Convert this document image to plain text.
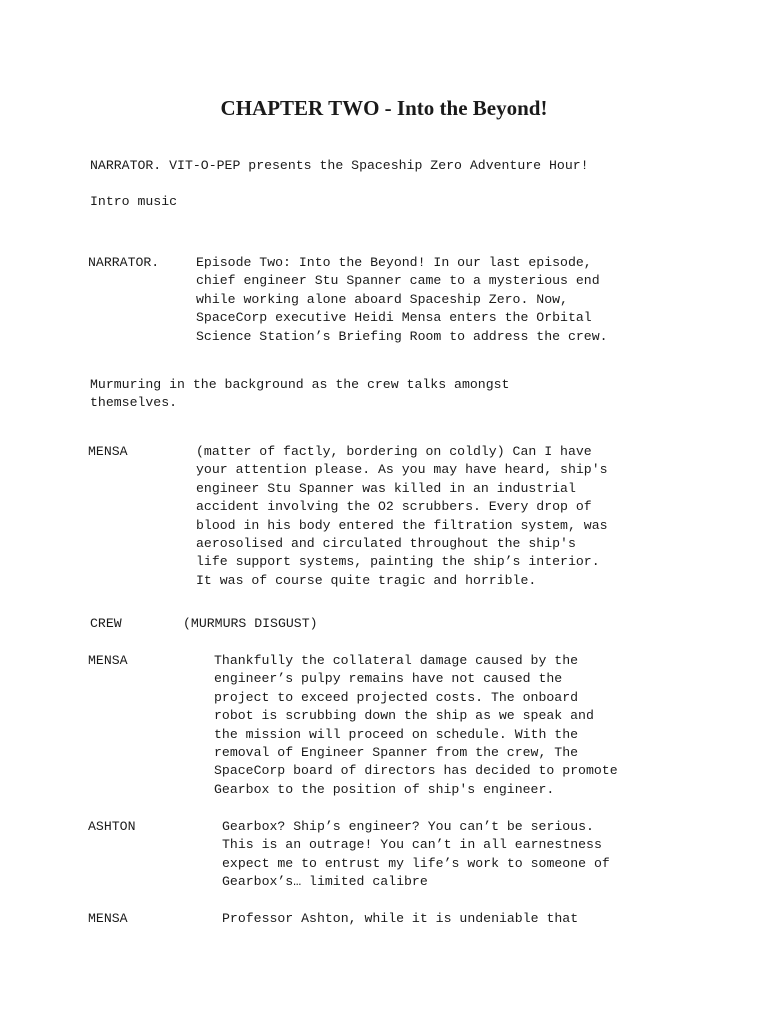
CHAPTER TWO - Into the Beyond!
NARRATOR. VIT-O-PEP presents the Spaceship Zero Adventure Hour!
Intro music
NARRATOR.	Episode Two: Into the Beyond! In our last episode,
chief engineer Stu Spanner came to a mysterious end
while working alone aboard Spaceship Zero. Now,
SpaceCorp executive Heidi Mensa enters the Orbital
Science Station’s Briefing Room to address the crew.
Murmuring in the background as the crew talks amongst
themselves.
MENSA	(matter of factly, bordering on coldly) Can I have
your attention please. As you may have heard, ship's
engineer Stu Spanner was killed in an industrial
accident involving the O2 scrubbers. Every drop of
blood in his body entered the filtration system, was
aerosolised and circulated throughout the ship's
life support systems, painting the ship’s interior.
It was of course quite tragic and horrible.
CREW	(MURMURS DISGUST)
MENSA	Thankfully the collateral damage caused by the
engineer’s pulpy remains have not caused the
project to exceed projected costs. The onboard
robot is scrubbing down the ship as we speak and
the mission will proceed on schedule. With the
removal of Engineer Spanner from the crew, The
SpaceCorp board of directors has decided to promote
Gearbox to the position of ship's engineer.
ASHTON	Gearbox? Ship’s engineer? You can’t be serious.
This is an outrage! You can’t in all earnestness
expect me to entrust my life’s work to someone of
Gearbox’s… limited calibre
MENSA	Professor Ashton, while it is undeniable that
